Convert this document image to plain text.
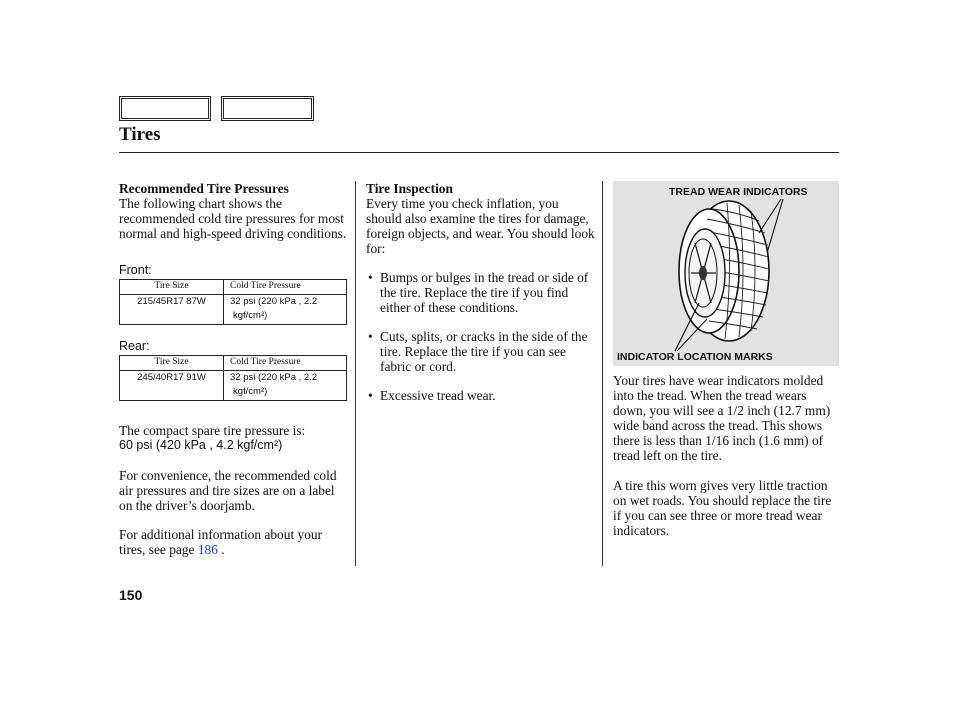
Tires

Recommended Tire Pressures

The following chart shows the recommended cold tire pressures for most normal and high-speed driving conditions.

Front:
Tire Size	Cold Tire Pressure
215/45R17 87W	32 psi (220 kPa , 2.2
kgf/cm²)
Rear:
Tire Size	Cold Tire Pressure
245/40R17 91W	32 psi (220 kPa , 2.2
kgf/cm²)

The compact spare tire pressure is:

60 psi (420 kPa , 4.2 kgf/cm²)

For convenience, the recommended cold air pressures and tire sizes are on a label on the driver’s doorjamb.

For additional information about your tires, see page 186 .

Tire Inspection

Every time you check inflation, you should also examine the tires for damage, foreign objects, and wear. You should look for:

• Bumps or bulges in the tread or side of the tire. Replace the tire if you find either of these conditions.
• Cuts, splits, or cracks in the side of the tire. Replace the tire if you can see fabric or cord.
• Excessive tread wear.
TREAD WEAR INDICATORS
INDICATOR LOCATION MARKS

Your tires have wear indicators molded into the tread. When the tread wears down, you will see a 1/2 inch (12.7 mm) wide band across the tread. This shows there is less than 1/16 inch (1.6 mm) of tread left on the tire.

A tire this worn gives very little traction on wet roads. You should replace the tire if you can see three or more tread wear indicators.

150
